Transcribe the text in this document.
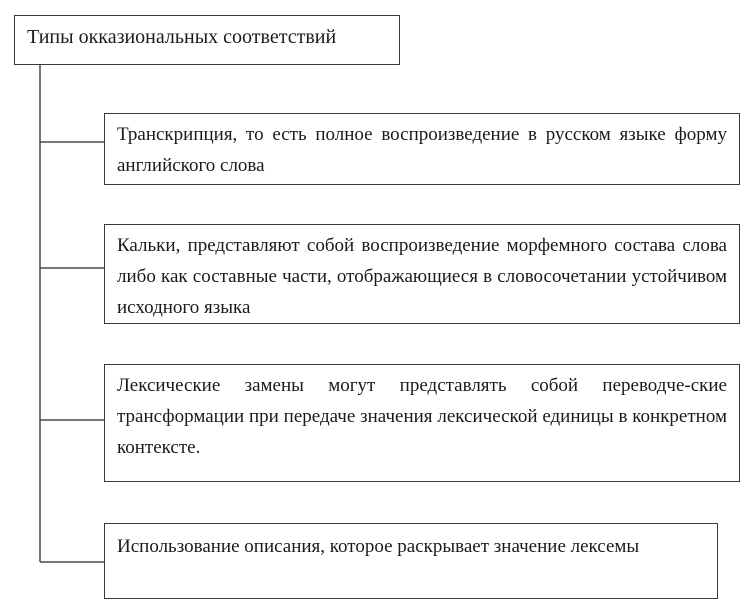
Типы окказиональных соответствий
Транскрипция, то есть полное воспроизведение в русском языке форму английского слова
Кальки, представляют собой воспроизведение морфемного состава слова либо как составные части, отображающиеся в словосочетании устойчивом исходного языка
Лексические замены могут представлять собой переводче-ские трансформации при передаче значения лексической единицы в конкретном контексте.
Использование описания, которое раскрывает значение лексемы
